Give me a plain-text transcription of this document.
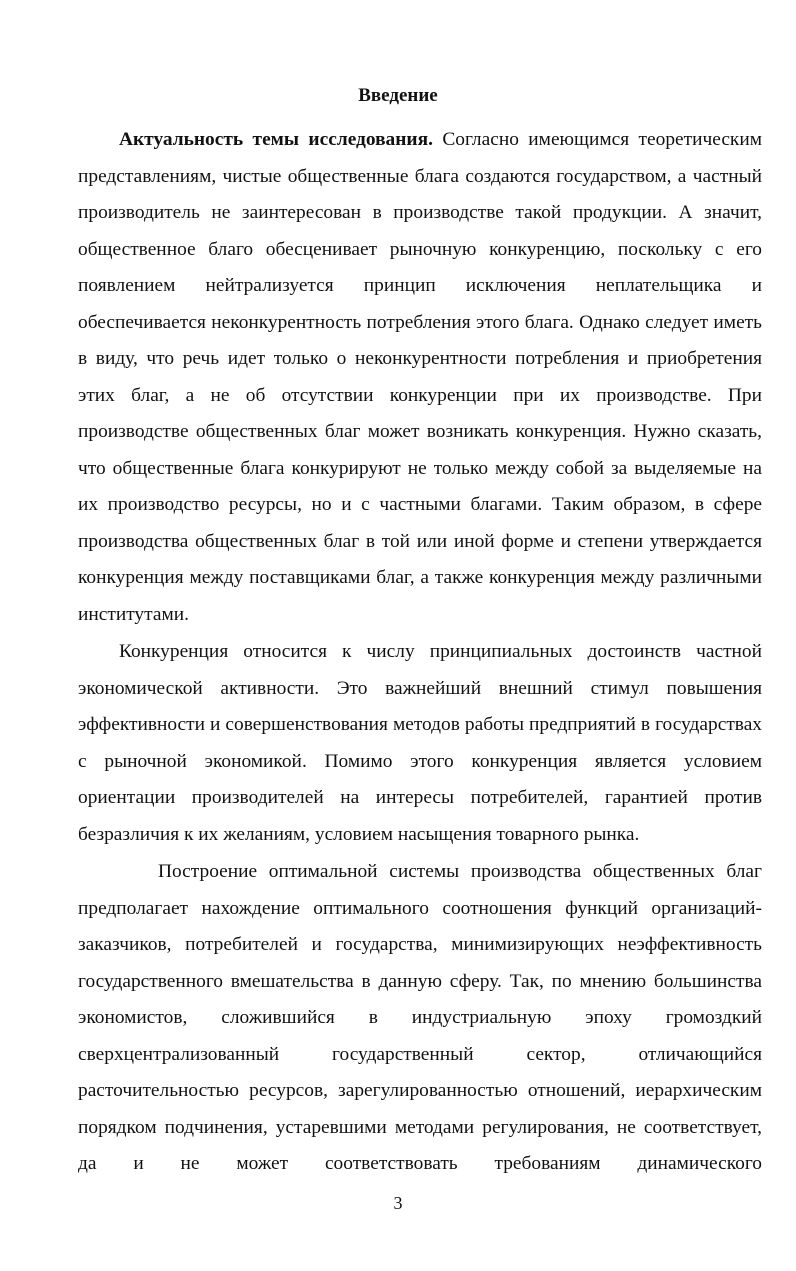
Введение

Актуальность темы исследования. Согласно имеющимся теоретическим представлениям, чистые общественные блага создаются государством, а частный производитель не заинтересован в производстве такой продукции. А значит, общественное благо обесценивает рыночную конкуренцию, поскольку с его появлением нейтрализуется принцип исключения неплательщика и обеспечивается неконкурентность потребления этого блага. Однако следует иметь в виду, что речь идет только о неконкурентности потребления и приобретения этих благ, а не об отсутствии конкуренции при их производстве. При производстве общественных благ может возникать конкуренция. Нужно сказать, что общественные блага конкурируют не только между собой за выделяемые на их производство ресурсы, но и с частными благами. Таким образом, в сфере производства общественных благ в той или иной форме и степени утверждается конкуренция между поставщиками благ, а также конкуренция между различными институтами.

Конкуренция относится к числу принципиальных достоинств частной экономической активности. Это важнейший внешний стимул повышения эффективности и совершенствования методов работы предприятий в государствах с рыночной экономикой. Помимо этого конкуренция является условием ориентации производителей на интересы потребителей, гарантией против безразличия к их желаниям, условием насыщения товарного рынка.

Построение оптимальной системы производства общественных благ предполагает нахождение оптимального соотношения функций организаций-заказчиков, потребителей и государства, минимизирующих неэффективность государственного вмешательства в данную сферу. Так, по мнению большинства экономистов, сложившийся в индустриальную эпоху громоздкий сверхцентрализованный государственный сектор, отличающийся расточительностью ресурсов, зарегулированностью отношений, иерархическим порядком подчинения, устаревшими методами регулирования, не соответствует, да и не может соответствовать требованиям динамического

3
